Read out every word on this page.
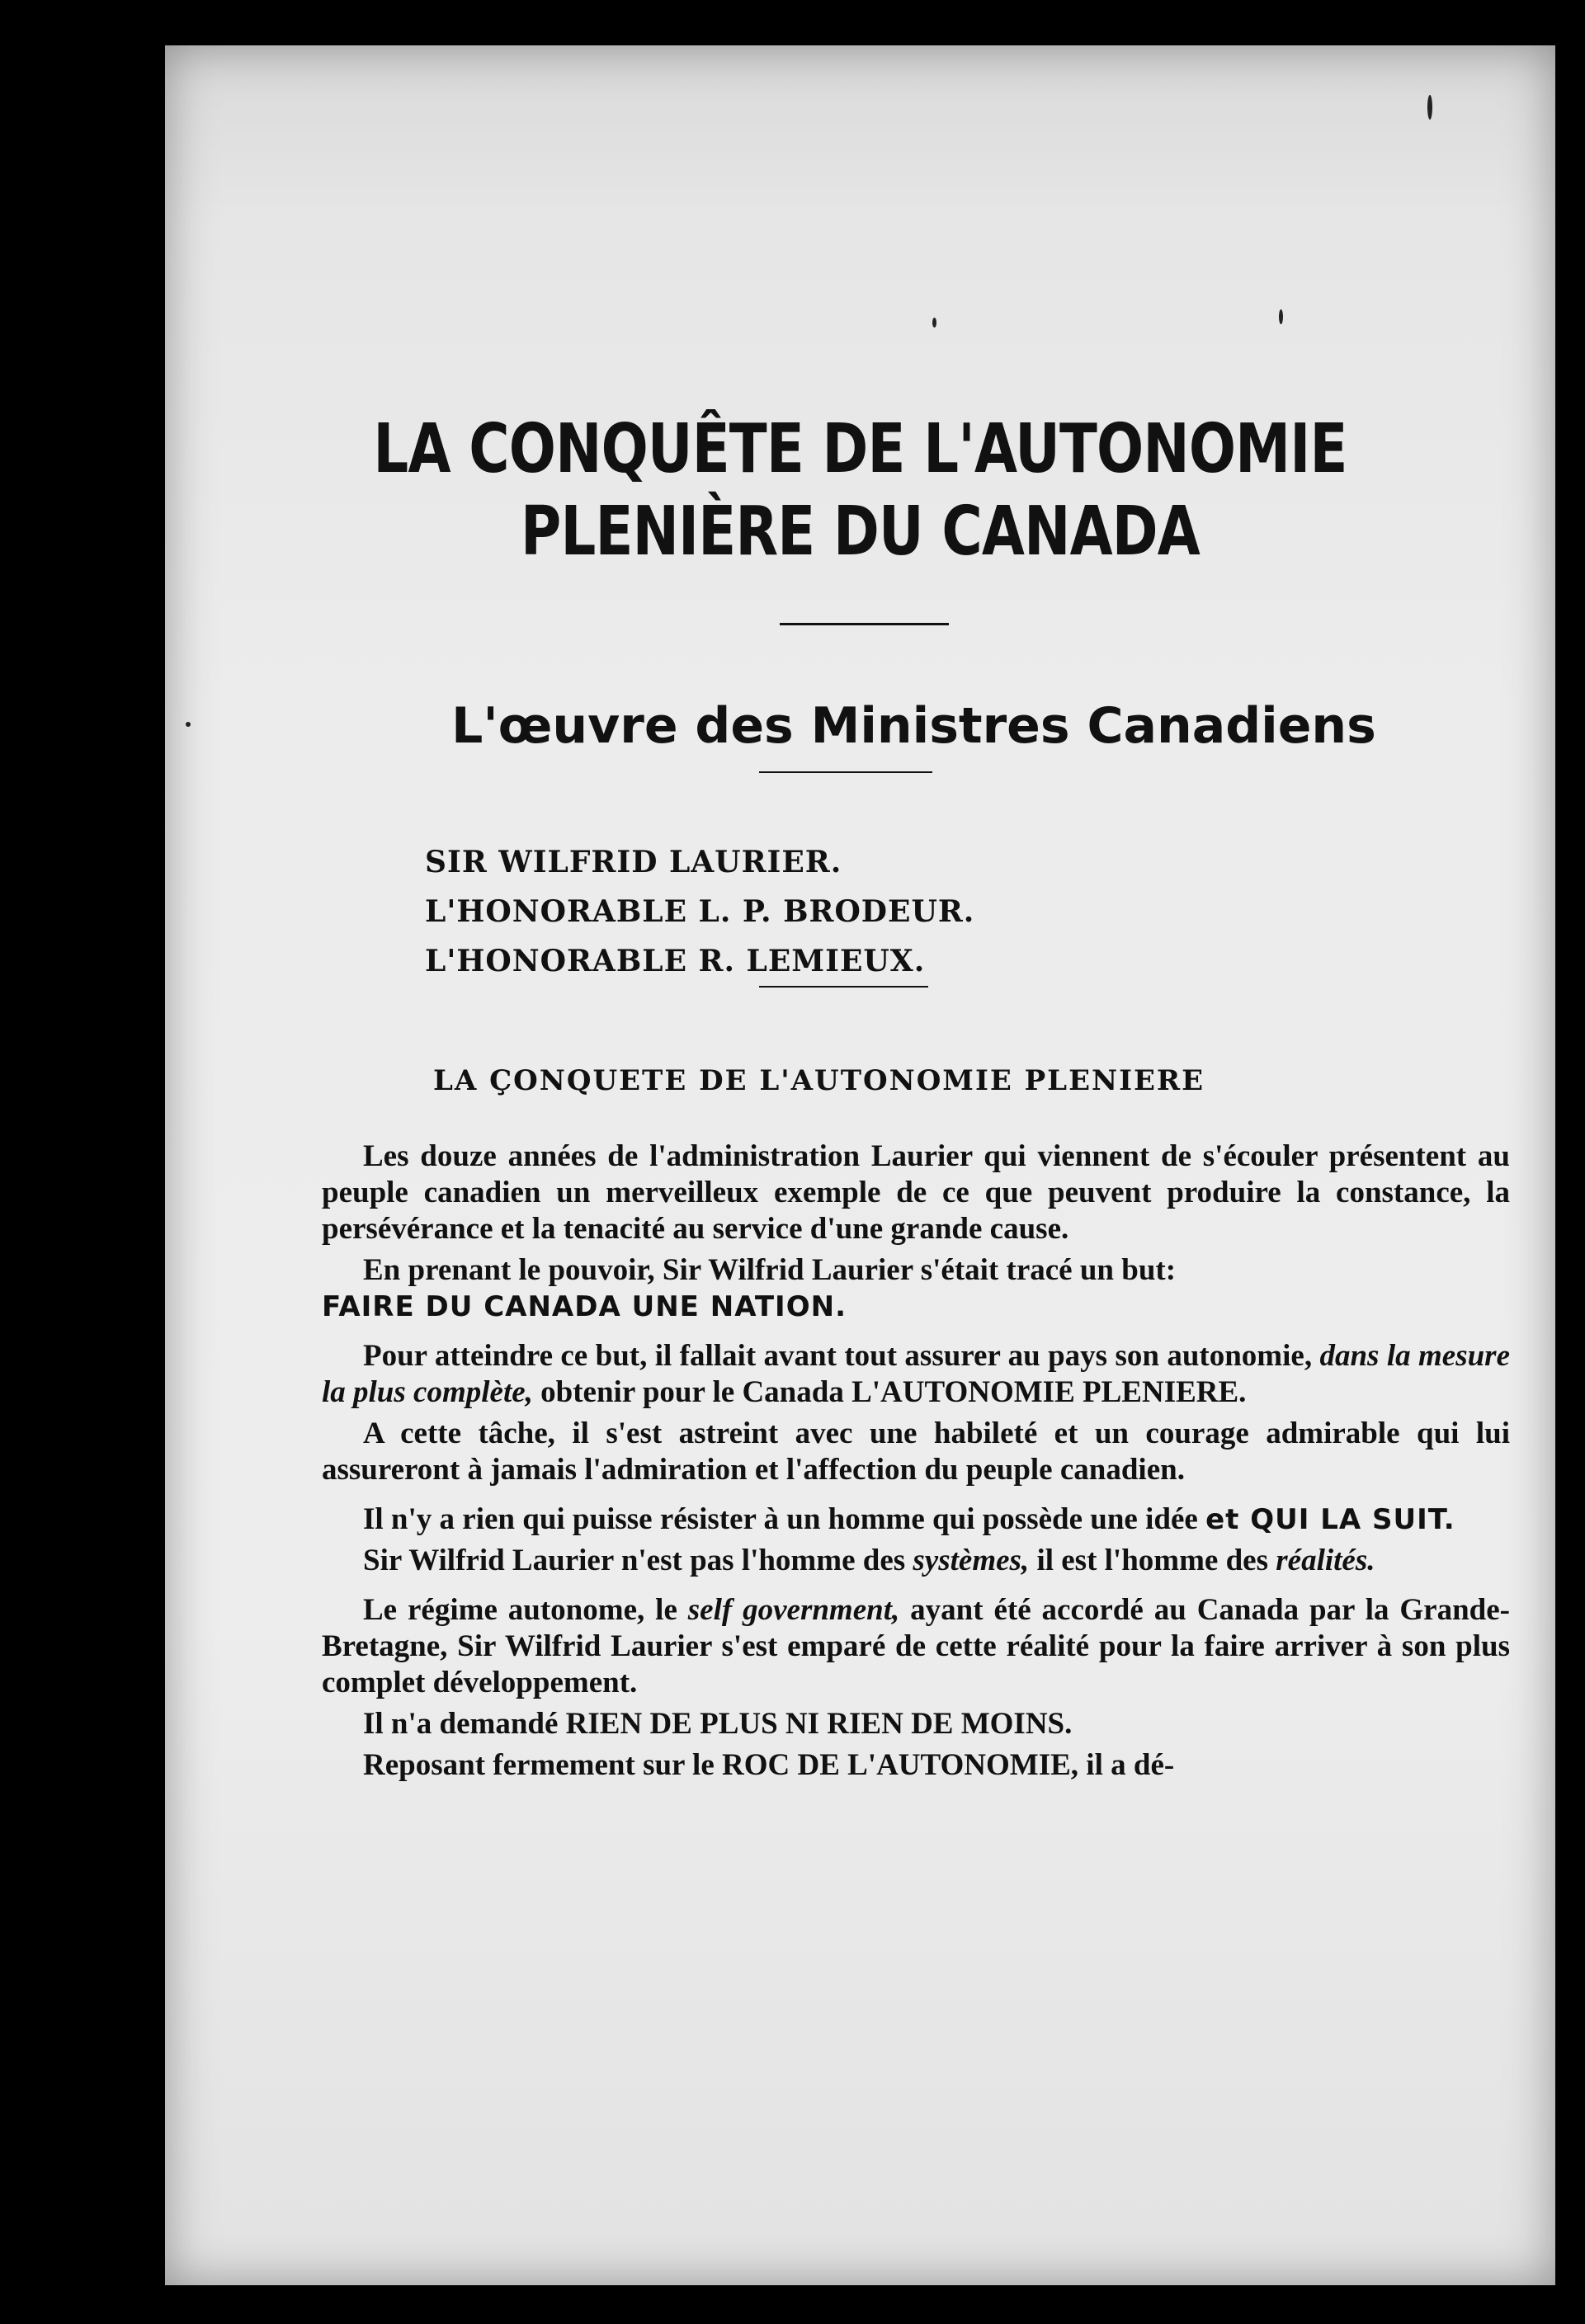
LA CONQUÊTE DE L'AUTONOMIE
PLENIÈRE DU CANADA
L'œuvre des Ministres Canadiens
SIR WILFRID LAURIER.
L'HONORABLE L. P. BRODEUR.
L'HONORABLE R. LEMIEUX.
LA ÇONQUETE DE L'AUTONOMIE PLENIERE

Les douze années de l'administration Laurier qui viennent de s'écouler présentent au peuple canadien un merveilleux exemple de ce que peuvent produire la constance, la persévérance et la tenacité au service d'une grande cause.

En prenant le pouvoir, Sir Wilfrid Laurier s'était tracé un but:
FAIRE DU CANADA UNE NATION.

Pour atteindre ce but, il fallait avant tout assurer au pays son autonomie, dans la mesure la plus complète, obtenir pour le Canada L'AUTONOMIE PLENIERE.

A cette tâche, il s'est astreint avec une habileté et un courage admirable qui lui assureront à jamais l'admiration et l'affection du peuple canadien.

Il n'y a rien qui puisse résister à un homme qui possède une idée et QUI LA SUIT.

Sir Wilfrid Laurier n'est pas l'homme des systèmes, il est l'homme des réalités.

Le régime autonome, le self government, ayant été accordé au Canada par la Grande-Bretagne, Sir Wilfrid Laurier s'est emparé de cette réalité pour la faire arriver à son plus complet développement.

Il n'a demandé RIEN DE PLUS NI RIEN DE MOINS.

Reposant fermement sur le ROC DE L'AUTONOMIE, il a dé-
